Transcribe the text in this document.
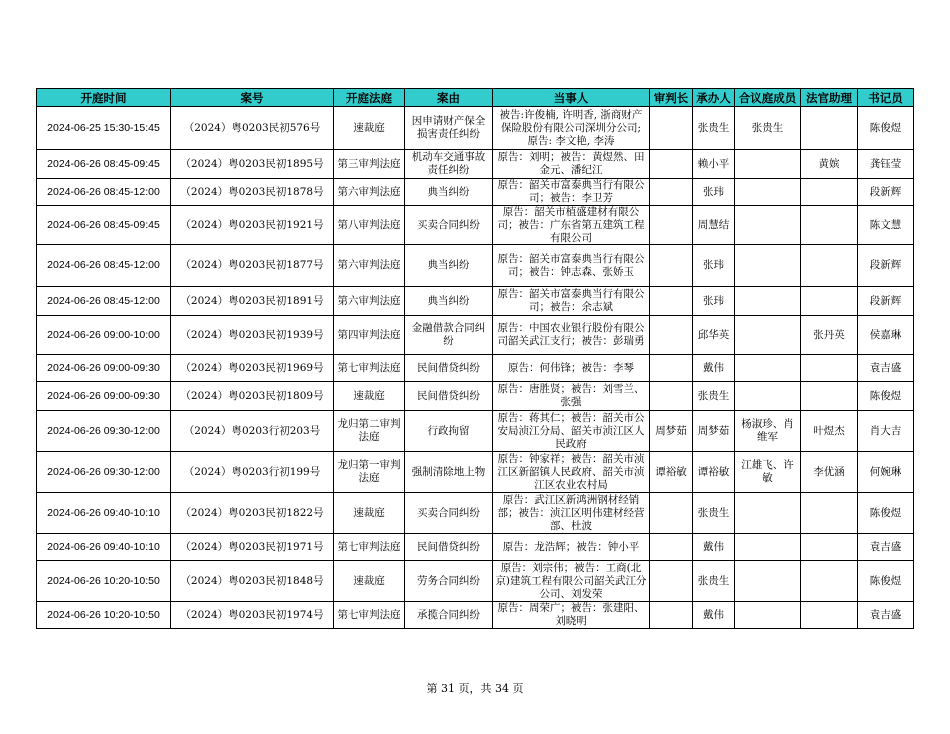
开庭时间	案号	开庭法庭	案由	当事人	审判长	承办人	合议庭成员	法官助理	书记员

2024-06-25 15:30-15:45	（2024）粤0203民初576号	速裁庭	因申请财产保全损害责任纠纷	被告:许俊楠, 许明香, 浙商财产保险股份有限公司深圳分公司; 原告: 李文艳, 李涛		张贵生	张贵生		陈俊煜

2024-06-26 08:45-09:45	（2024）粤0203民初1895号	第三审判法庭	机动车交通事故责任纠纷	原告：刘明；被告：黄煜然、田金元、潘纪江		赖小平		黄嫔	龚钰莹

2024-06-26 08:45-12:00	（2024）粤0203民初1878号	第六审判法庭	典当纠纷	原告：韶关市富泰典当行有限公司；被告：李卫芳		张玮			段新辉

2024-06-26 08:45-09:45	（2024）粤0203民初1921号	第八审判法庭	买卖合同纠纷	原告：韶关市植盛建材有限公司；被告：广东省第五建筑工程有限公司		周慧结			陈文慧

2024-06-26 08:45-12:00	（2024）粤0203民初1877号	第六审判法庭	典当纠纷	原告：韶关市富泰典当行有限公司；被告：钟志森、张娇玉		张玮			段新辉

2024-06-26 08:45-12:00	（2024）粤0203民初1891号	第六审判法庭	典当纠纷	原告：韶关市富泰典当行有限公司；被告：余志斌		张玮			段新辉

2024-06-26 09:00-10:00	（2024）粤0203民初1939号	第四审判法庭	金融借款合同纠纷	原告：中国农业银行股份有限公司韶关武江支行；被告：彭瑞勇		邱华英		张丹英	侯嘉琳

2024-06-26 09:00-09:30	（2024）粤0203民初1969号	第七审判法庭	民间借贷纠纷	原告：何伟锋；被告：李琴		戴伟			袁吉盛

2024-06-26 09:00-09:30	（2024）粤0203民初1809号	速裁庭	民间借贷纠纷	原告：唐胜贤；被告：刘雪兰、张强		张贵生			陈俊煜

2024-06-26 09:30-12:00	（2024）粤0203行初203号	龙归第二审判法庭	行政拘留	原告：蒋其仁；被告：韶关市公安局浈江分局、韶关市浈江区人民政府	周梦茹	周梦茹	杨淑珍、肖维军	叶煜杰	肖大吉

2024-06-26 09:30-12:00	（2024）粤0203行初199号	龙归第一审判法庭	强制清除地上物	原告：钟家祥；被告：韶关市浈江区新韶镇人民政府、韶关市浈江区农业农村局	谭裕敏	谭裕敏	江雄飞、许敏	李优涵	何婉琳

2024-06-26 09:40-10:10	（2024）粤0203民初1822号	速裁庭	买卖合同纠纷	原告：武江区新鸿洲钢材经销部；被告：浈江区明伟建材经营部、杜波		张贵生			陈俊煜

2024-06-26 09:40-10:10	（2024）粤0203民初1971号	第七审判法庭	民间借贷纠纷	原告：龙浩辉；被告：钟小平		戴伟			袁吉盛

2024-06-26 10:20-10:50	（2024）粤0203民初1848号	速裁庭	劳务合同纠纷	原告：刘宗伟；被告：工商(北京)建筑工程有限公司韶关武江分公司、刘发荣		张贵生			陈俊煜

2024-06-26 10:20-10:50	（2024）粤0203民初1974号	第七审判法庭	承揽合同纠纷	原告：周荣广；被告：张建阳、刘晓明		戴伟			袁吉盛
第 31 页，共 34 页
